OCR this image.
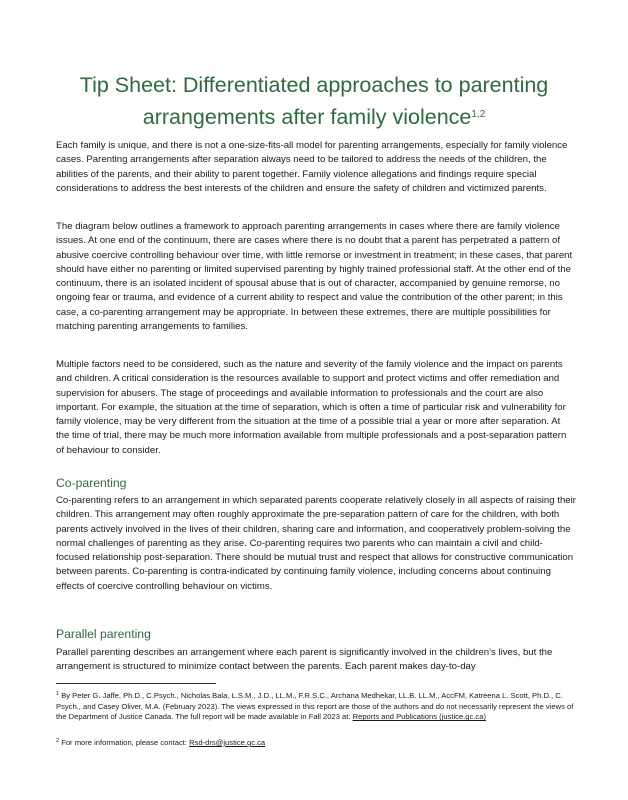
Tip Sheet: Differentiated approaches to parenting
arrangements after family violence$^{1,2}$

Each family is unique, and there is not a one-size-fits-all model for parenting arrangements, especially for family violence cases. Parenting arrangements after separation always need to be tailored to address the needs of the children, the abilities of the parents, and their ability to parent together. Family violence allegations and findings require special considerations to address the best interests of the children and ensure the safety of children and victimized parents.

The diagram below outlines a framework to approach parenting arrangements in cases where there are family violence issues. At one end of the continuum, there are cases where there is no doubt that a parent has perpetrated a pattern of abusive coercive controlling behaviour over time, with little remorse or investment in treatment; in these cases, that parent should have either no parenting or limited supervised parenting by highly trained professional staff. At the other end of the continuum, there is an isolated incident of spousal abuse that is out of character, accompanied by genuine remorse, no ongoing fear or trauma, and evidence of a current ability to respect and value the contribution of the other parent; in this case, a co-parenting arrangement may be appropriate. In between these extremes, there are multiple possibilities for matching parenting arrangements to families.

Multiple factors need to be considered, such as the nature and severity of the family violence and the impact on parents and children. A critical consideration is the resources available to support and protect victims and offer remediation and supervision for abusers. The stage of proceedings and available information to professionals and the court are also important. For example, the situation at the time of separation, which is often a time of particular risk and vulnerability for family violence, may be very different from the situation at the time of a possible trial a year or more after separation. At the time of trial, there may be much more information available from multiple professionals and a post-separation pattern of behaviour to consider.

Co-parenting

Co-parenting refers to an arrangement in which separated parents cooperate relatively closely in all aspects of raising their children. This arrangement may often roughly approximate the pre-separation pattern of care for the children, with both parents actively involved in the lives of their children, sharing care and information, and cooperatively problem-solving the normal challenges of parenting as they arise. Co-parenting requires two parents who can maintain a civil and child-focused relationship post-separation. There should be mutual trust and respect that allows for constructive communication between parents. Co-parenting is contra-indicated by continuing family violence, including concerns about continuing effects of coercive controlling behaviour on victims.

Parallel parenting

Parallel parenting describes an arrangement where each parent is significantly involved in the children’s lives, but the arrangement is structured to minimize contact between the parents. Each parent makes day-to-day

$^1$ By Peter G. Jaffe, Ph.D., C.Psych., Nicholas Bala, L.S.M., J.D., LL.M., F.R.S.C., Archana Medhekar, LL.B. LL.M., AccFM, Katreena L. Scott, Ph.D., C. Psych., and Casey Oliver, M.A. (February 2023). The views expressed in this report are those of the authors and do not necessarily represent the views of the Department of Justice Canada. The full report will be made available in Fall 2023 at: Reports and Publications (justice.gc.ca)

$^2$ For more information, please contact: Rsd-drs@justice.gc.ca
